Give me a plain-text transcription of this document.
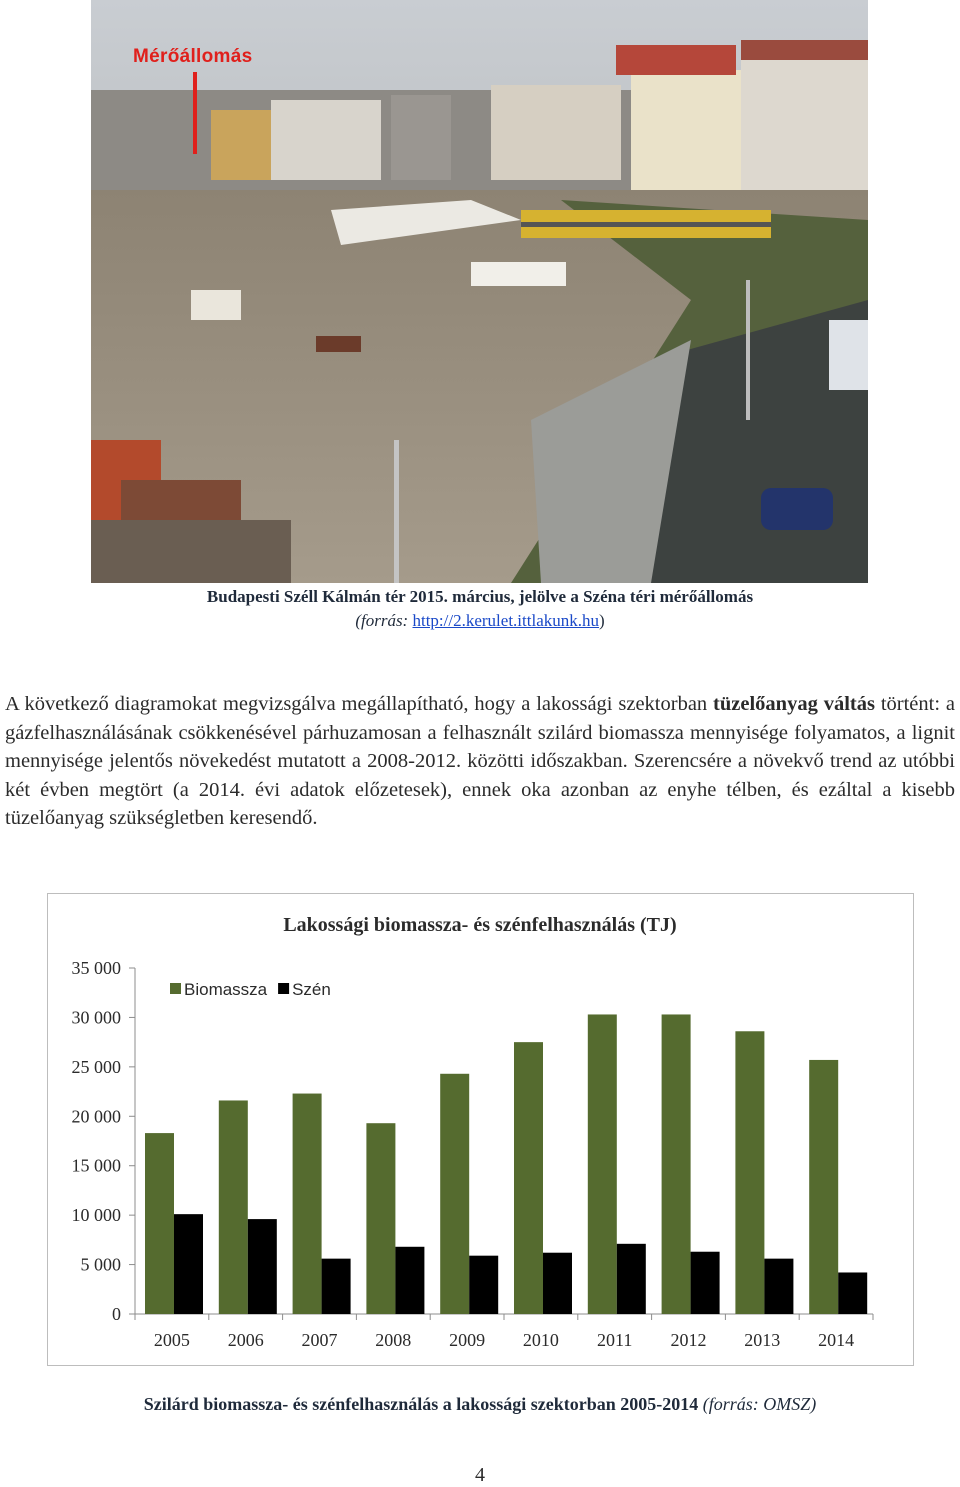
Mérőállomás
Budapesti Széll Kálmán tér 2015. március, jelölve a Széna téri mérőállomás
(forrás: http://2.kerulet.ittlakunk.hu)
A következő diagramokat megvizsgálva megállapítható, hogy a lakossági szektorban tüzelőanyag váltás történt: a gázfelhasználásának csökkenésével párhuzamosan a felhasznált szilárd biomassza mennyisége folyamatos, a lignit mennyisége jelentős növekedést mutatott a 2008-2012. közötti időszakban. Szerencsére a növekvő trend az utóbbi két évben megtört (a 2014. évi adatok előzetesek), ennek oka azonban az enyhe télben, és ezáltal a kisebb tüzelőanyag szükségletben keresendő.
Lakossági biomassza- és szénfelhasználás (TJ)
0
5 000
10 000
15 000
20 000
25 000
30 000
35 000
2005 2006 2007 2008 2009 2010 2011 2012 2013 2014
Biomassza Szén
Szilárd biomassza- és szénfelhasználás a lakossági szektorban 2005-2014 (forrás: OMSZ)
4
